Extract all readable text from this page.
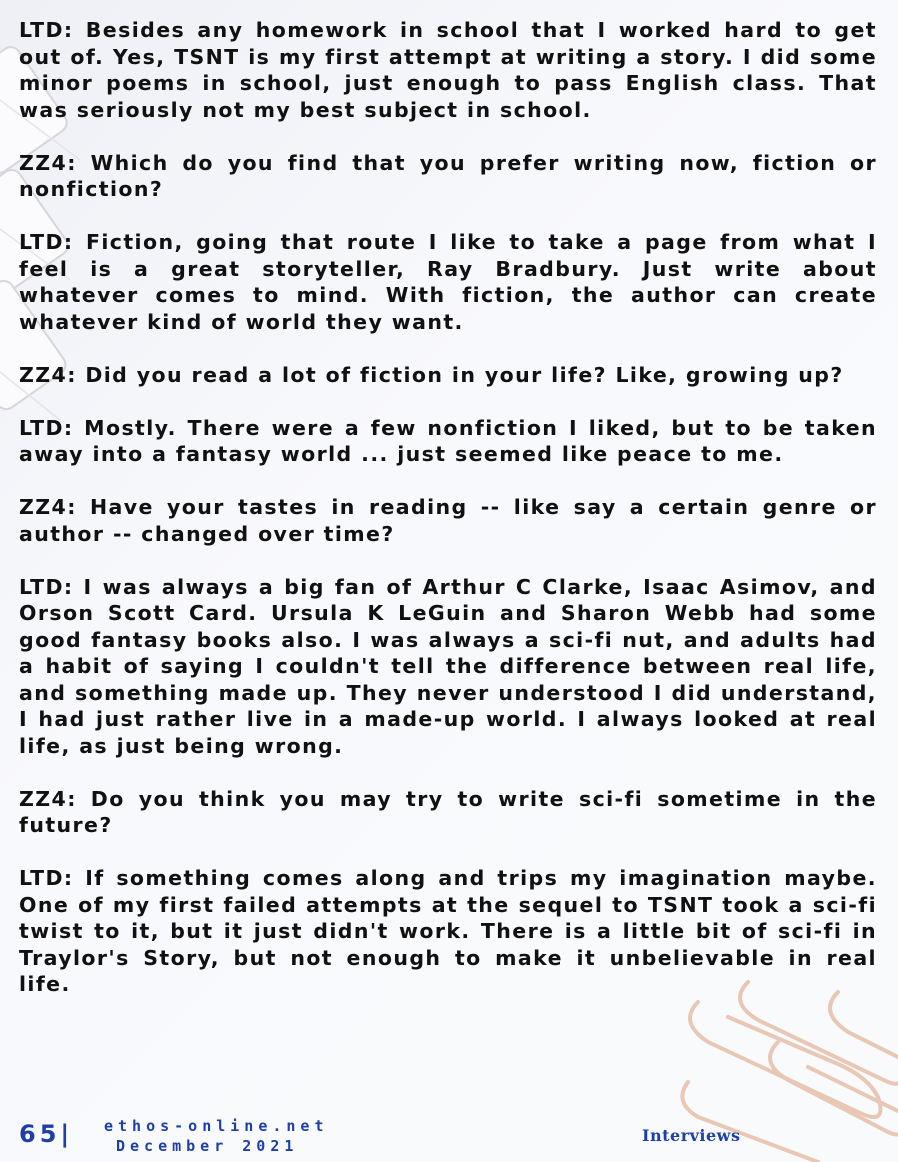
LTD: Besides any homework in school that I worked hard to get out of. Yes, TSNT is my first attempt at writing a story. I did some minor poems in school, just enough to pass English class. That was seriously not my best subject in school.

ZZ4: Which do you find that you prefer writing now, fiction or nonfiction?

LTD: Fiction, going that route I like to take a page from what I feel is a great storyteller, Ray Bradbury. Just write about whatever comes to mind. With fiction, the author can create whatever kind of world they want.

ZZ4: Did you read a lot of fiction in your life? Like, growing up?

LTD: Mostly. There were a few nonfiction I liked, but to be taken away into a fantasy world ... just seemed like peace to me.

ZZ4: Have your tastes in reading -- like say a certain genre or author -- changed over time?

LTD: I was always a big fan of Arthur C Clarke, Isaac Asimov, and Orson Scott Card. Ursula K LeGuin and Sharon Webb had some good fantasy books also. I was always a sci-fi nut, and adults had a habit of saying I couldn't tell the difference between real life, and something made up. They never understood I did understand, I had just rather live in a made-up world. I always looked at real life, as just being wrong.

ZZ4: Do you think you may try to write sci-fi sometime in the future?

LTD: If something comes along and trips my imagination maybe. One of my first failed attempts at the sequel to TSNT took a sci-fi twist to it, but it just didn't work. There is a little bit of sci-fi in Traylor's Story, but not enough to make it unbelievable in real life.

65| ethos-online.net
December 2021
Interviews
